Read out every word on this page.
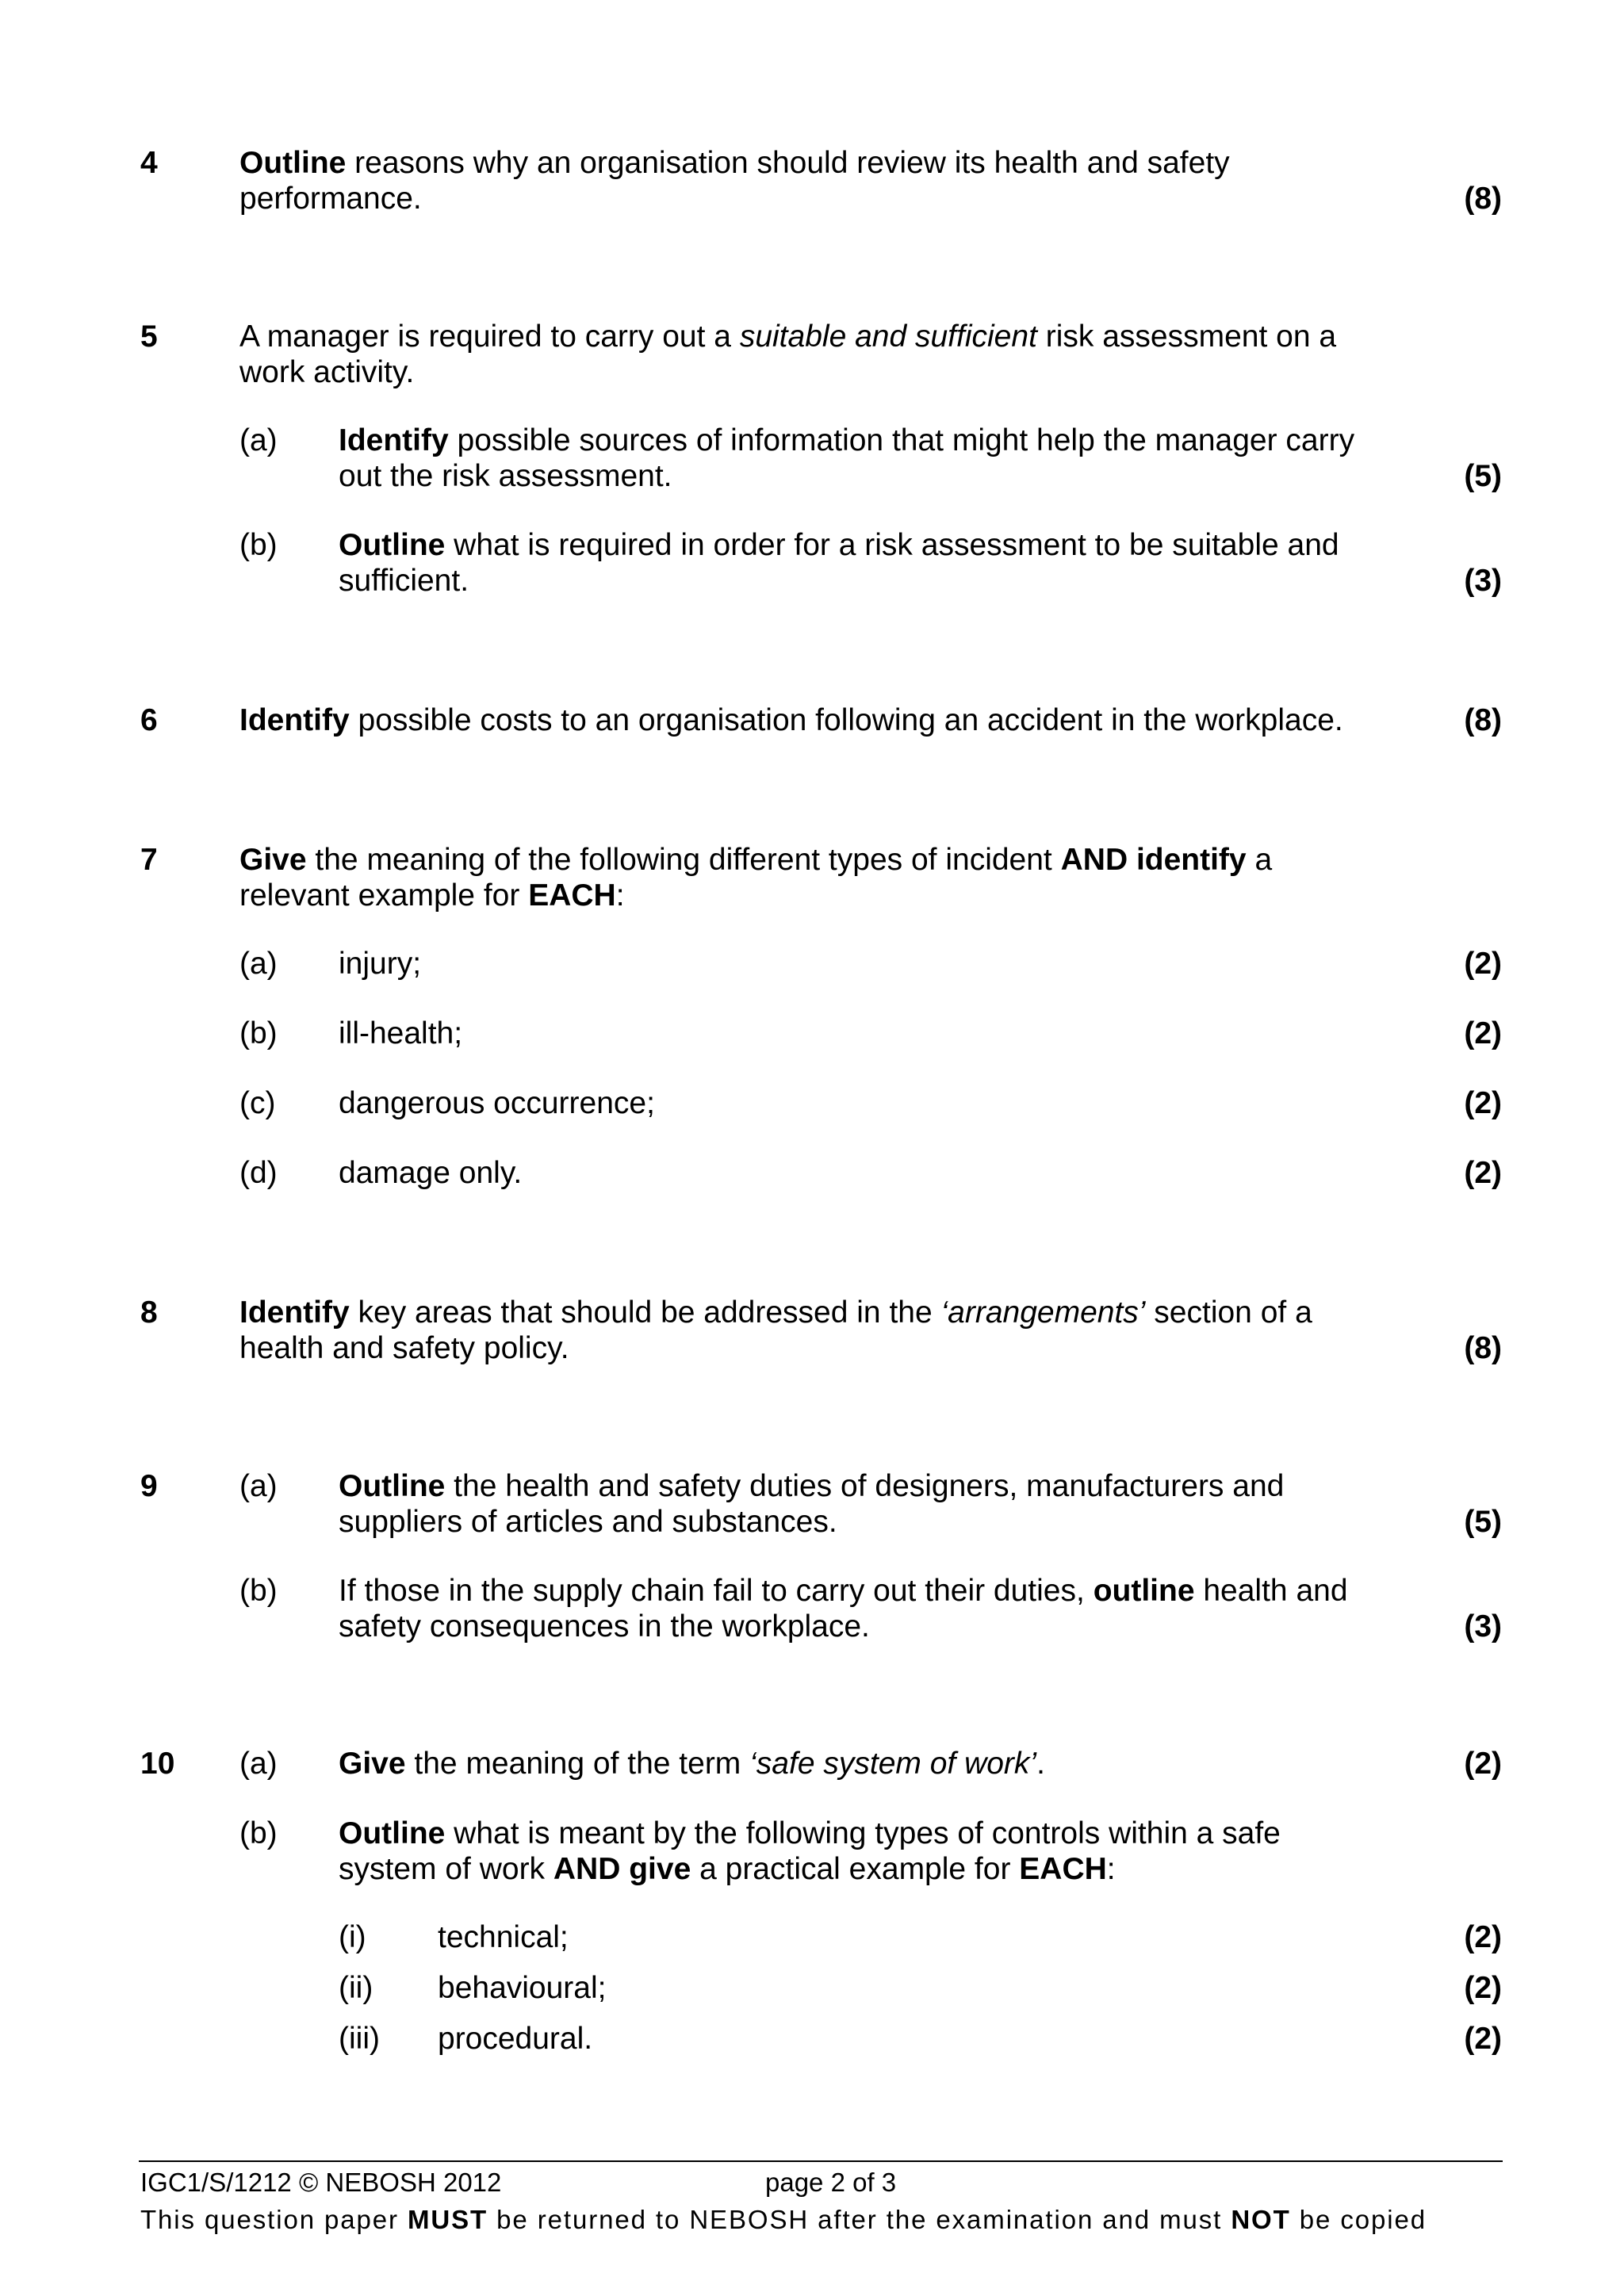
4	Outline reasons why an organisation should review its health and safety performance.	(8)
5	A manager is required to carry out a suitable and sufficient risk assessment on a work activity.
(a) Identify possible sources of information that might help the manager carry out the risk assessment.	(5)
(b) Outline what is required in order for a risk assessment to be suitable and sufficient.	(3)
6	Identify possible costs to an organisation following an accident in the workplace.	(8)
7	Give the meaning of the following different types of incident AND identify a relevant example for EACH:
(a) injury;	(2)
(b) ill-health;	(2)
(c) dangerous occurrence;	(2)
(d) damage only.	(2)
8	Identify key areas that should be addressed in the ‘arrangements’ section of a health and safety policy.	(8)
9	(a) Outline the health and safety duties of designers, manufacturers and suppliers of articles and substances.	(5)
(b) If those in the supply chain fail to carry out their duties, outline health and safety consequences in the workplace.	(3)
10 (a) Give the meaning of the term ‘safe system of work’.	(2)
(b) Outline what is meant by the following types of controls within a safe system of work AND give a practical example for EACH:
(i) technical;	(2)
(ii) behavioural;	(2)
(iii) procedural.	(2)
IGC1/S/1212 © NEBOSH 2012	page 2 of 3
This question paper MUST be returned to NEBOSH after the examination and must NOT be copied
